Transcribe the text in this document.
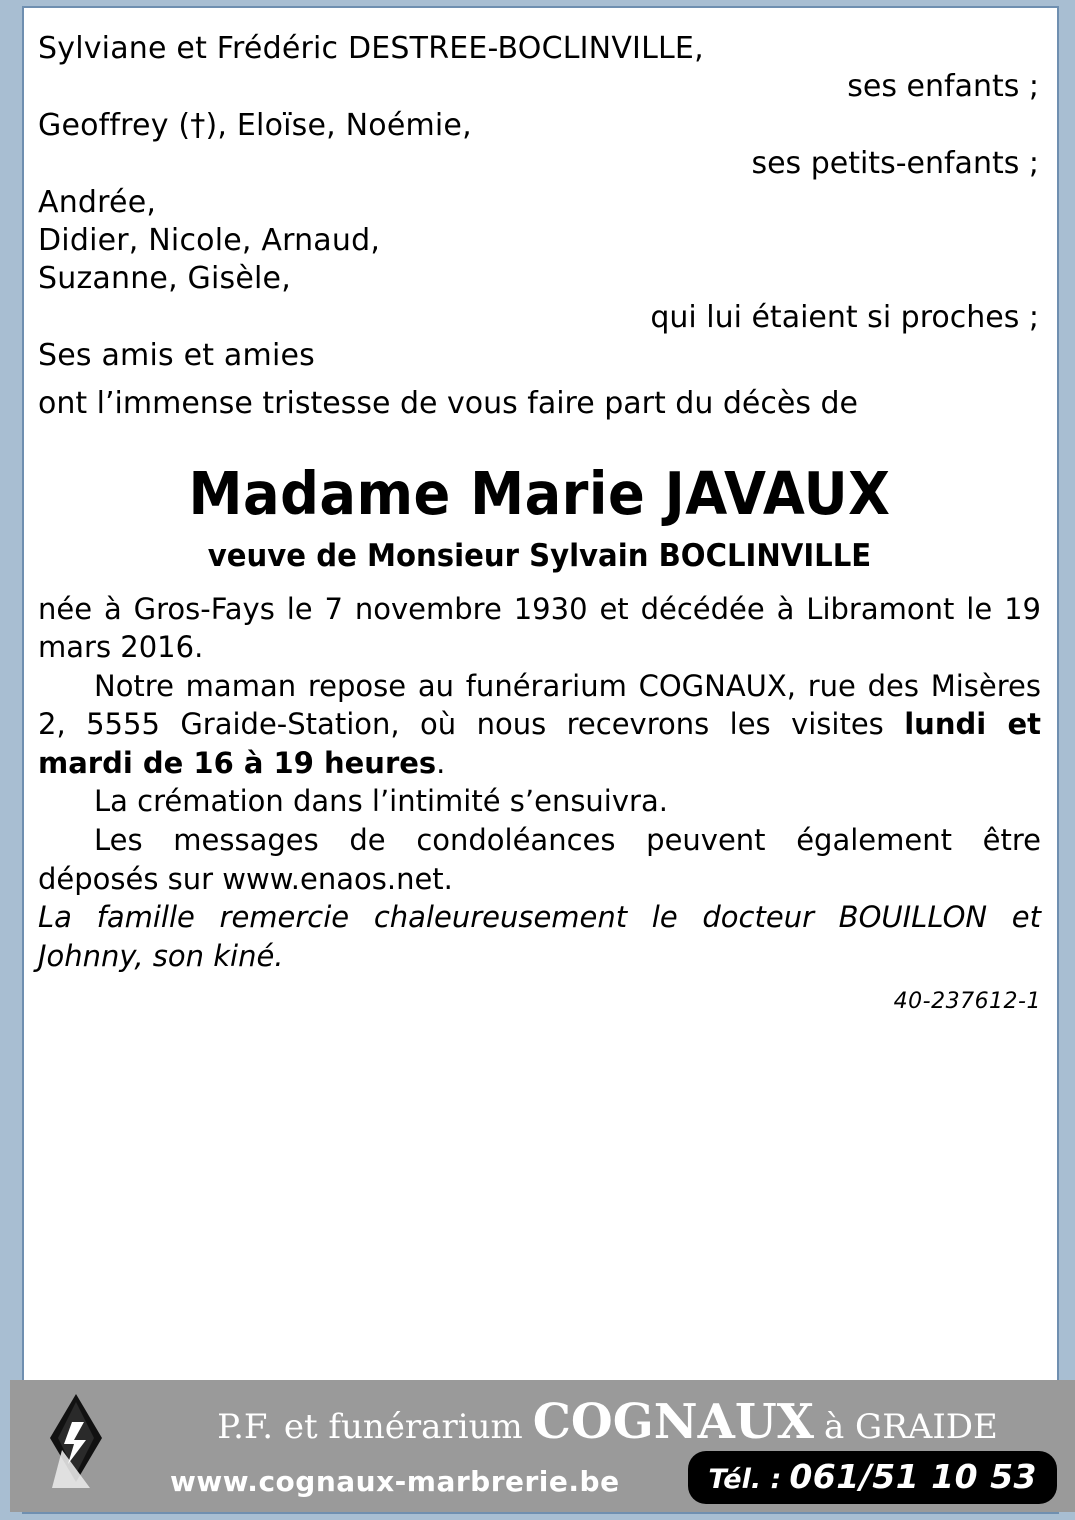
Sylviane et Frédéric DESTREE-BOCLINVILLE,

ses enfants ;

Geoffrey (†), Eloïse, Noémie,

ses petits-enfants ;

Andrée,

Didier, Nicole, Arnaud,

Suzanne, Gisèle,

qui lui étaient si proches ;

Ses amis et amies

ont l’immense tristesse de vous faire part du décès de

Madame Marie JAVAUX
veuve de Monsieur Sylvain BOCLINVILLE

née à Gros-Fays le 7 novembre 1930 et décédée à Libramont le 19 mars 2016.

Notre maman repose au funérarium COGNAUX, rue des Misères 2, 5555 Graide-Station, où nous recevrons les visites lundi et mardi de 16 à 19 heures.

La crémation dans l’intimité s’ensuivra.

Les messages de condoléances peuvent également être déposés sur www.enaos.net.

La famille remercie chaleureusement le docteur BOUILLON et Johnny, son kiné.

40-237612-1

P.F. et funérarium COGNAUX à GRAIDE
www.cognaux-marbrerie.be	Tél. : 061/51 10 53
